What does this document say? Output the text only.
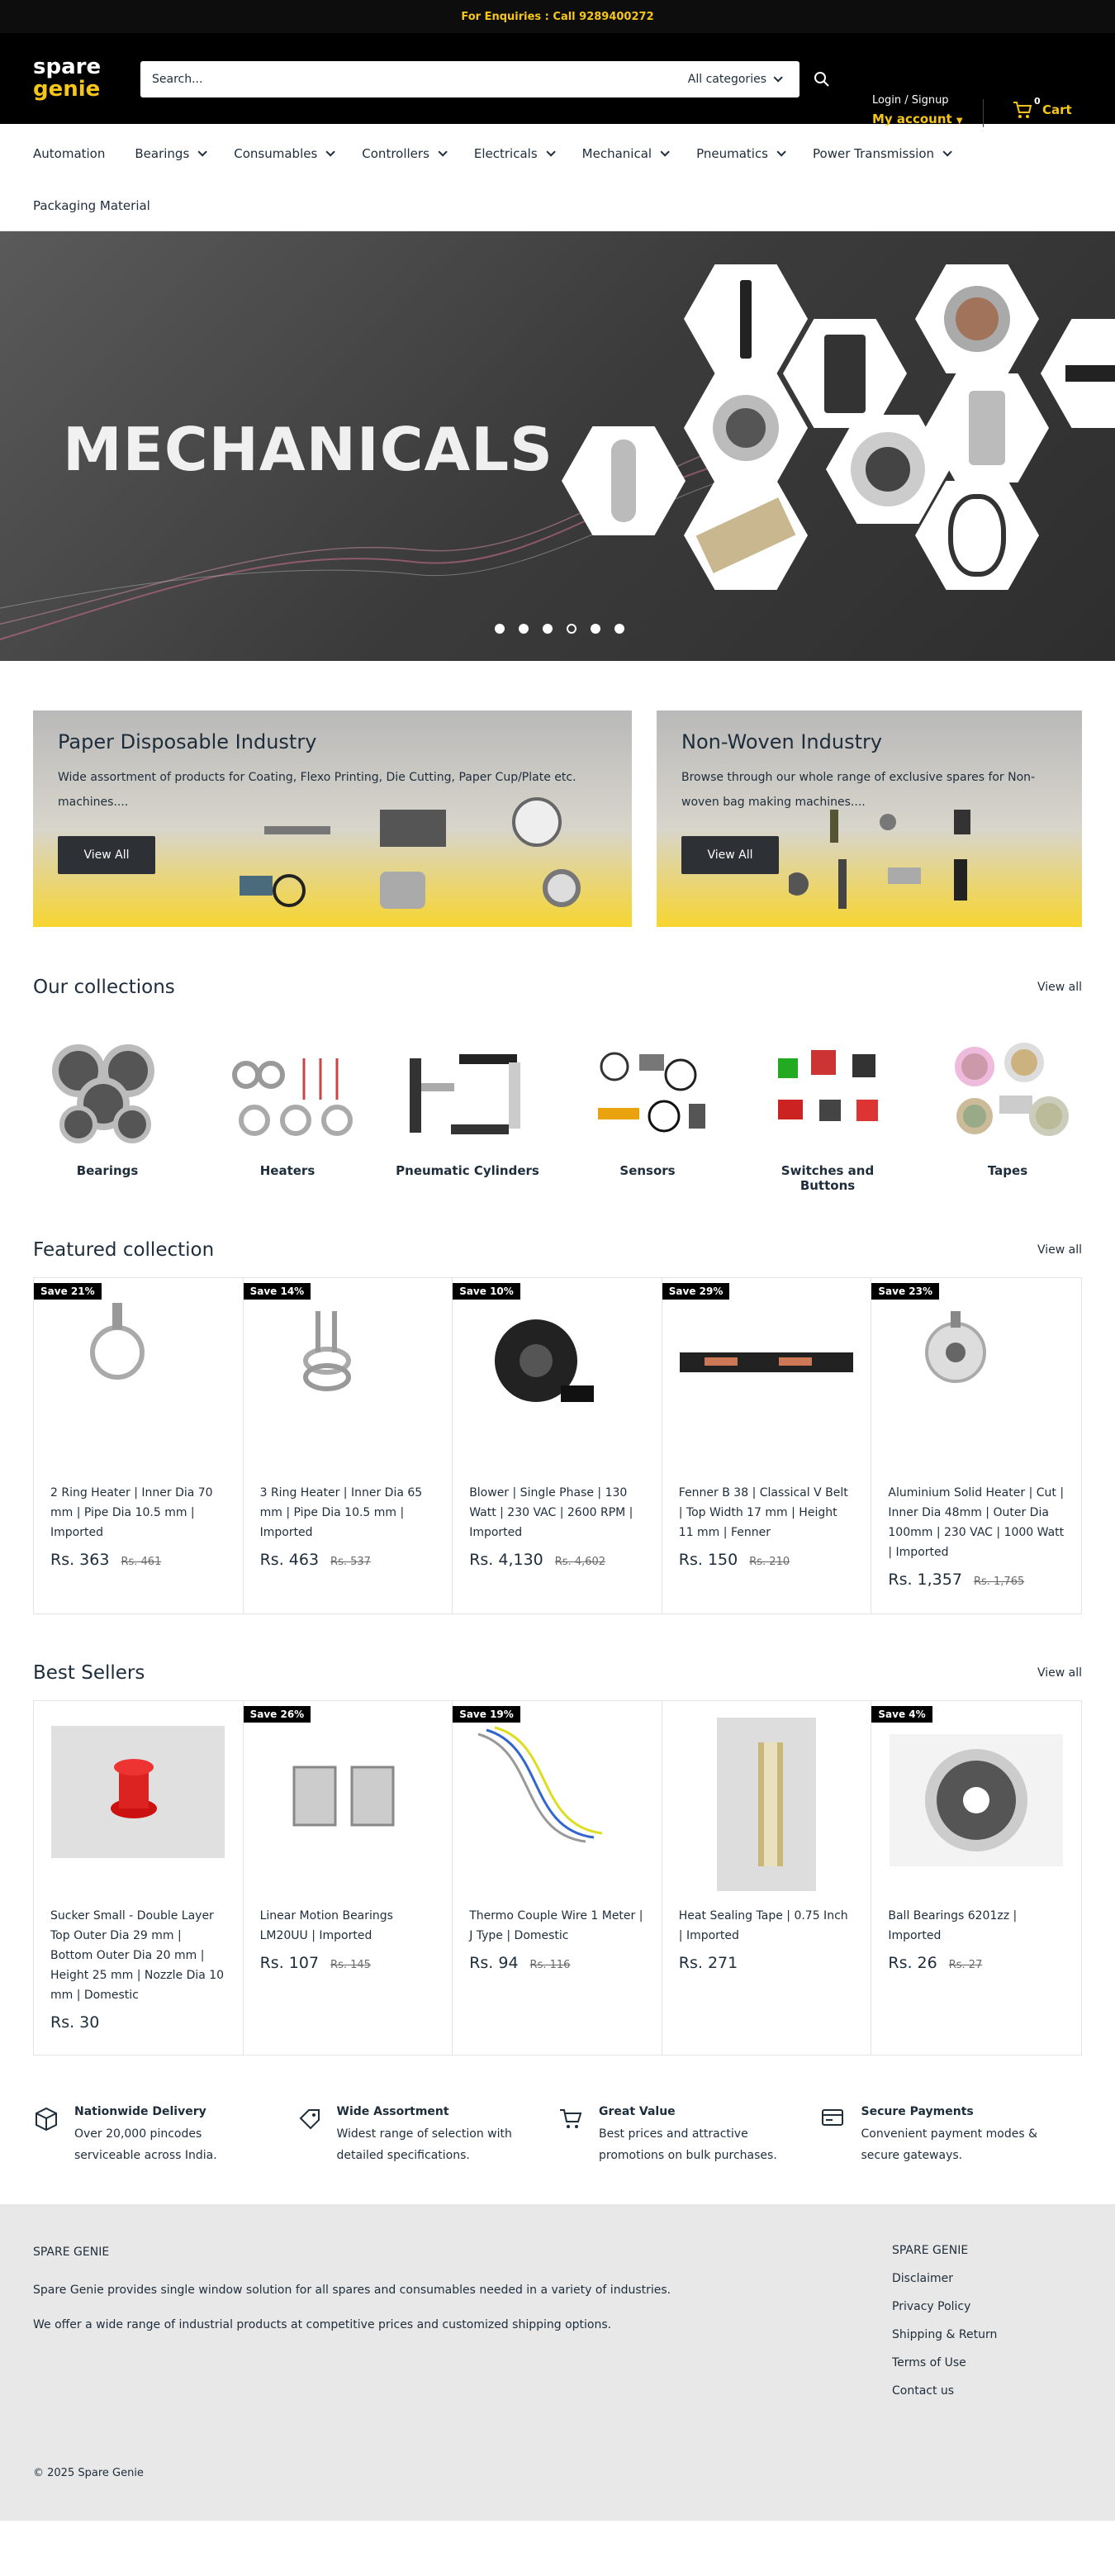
For Enquiries : Call 9289400272
spare
genie
Search...	All categories
Login / Signup
My account ▼
0
Cart
Automation Bearings	Consumables	Controllers	Electricals	Mechanical	Pneumatics	Power Transmission
Packaging Material
MECHANICALS
Paper Disposable Industry

Wide assortment of products for Coating, Flexo Printing, Die Cutting, Paper Cup/Plate etc. machines....

View All
Non-Woven Industry

Browse through our whole range of exclusive spares for Non-woven bag making machines....

View All
Our collections	View all
Bearings	Heaters	Pneumatic Cylinders	Sensors	Switches and Buttons
Tapes
Featured collection	View all
Save 21%
2 Ring Heater | Inner Dia 70 mm | Pipe Dia 10.5 mm | Imported
Rs. 363 Rs. 461
Save 14%
3 Ring Heater | Inner Dia 65 mm | Pipe Dia 10.5 mm | Imported
Rs. 463 Rs. 537
Save 10%
Blower | Single Phase | 130 Watt | 230 VAC | 2600 RPM | Imported
Rs. 4,130 Rs. 4,602
Save 29%
Fenner B 38 | Classical V Belt | Top Width 17 mm | Height 11 mm | Fenner
Rs. 150 Rs. 210
Save 23%
Aluminium Solid Heater | Cut | Inner Dia 48mm | Outer Dia 100mm | 230 VAC | 1000 Watt | Imported
Rs. 1,357 Rs. 1,765
Best Sellers	View all
Sucker Small - Double Layer Top Outer Dia 29 mm | Bottom Outer Dia 20 mm | Height 25 mm | Nozzle Dia 10 mm | Domestic
Rs. 30
Save 26%
Linear Motion Bearings LM20UU | Imported
Rs. 107 Rs. 145
Save 19%
Thermo Couple Wire 1 Meter | J Type | Domestic
Rs. 94 Rs. 116
Heat Sealing Tape | 0.75 Inch | Imported
Rs. 271
Save 4%
Ball Bearings 6201zz | Imported
Rs. 26 Rs. 27
Nationwide Delivery
Over 20,000 pincodes serviceable across India.
Wide Assortment
Widest range of selection with detailed specifications.
Great Value
Best prices and attractive promotions on bulk purchases.
Secure Payments
Convenient payment modes & secure gateways.
SPARE GENIE

Spare Genie provides single window solution for all spares and consumables needed in a variety of industries.

We offer a wide range of industrial products at competitive prices and customized shipping options.

SPARE GENIE
Disclaimer
Privacy Policy
Shipping & Return
Terms of Use
Contact us
© 2025 Spare Genie
